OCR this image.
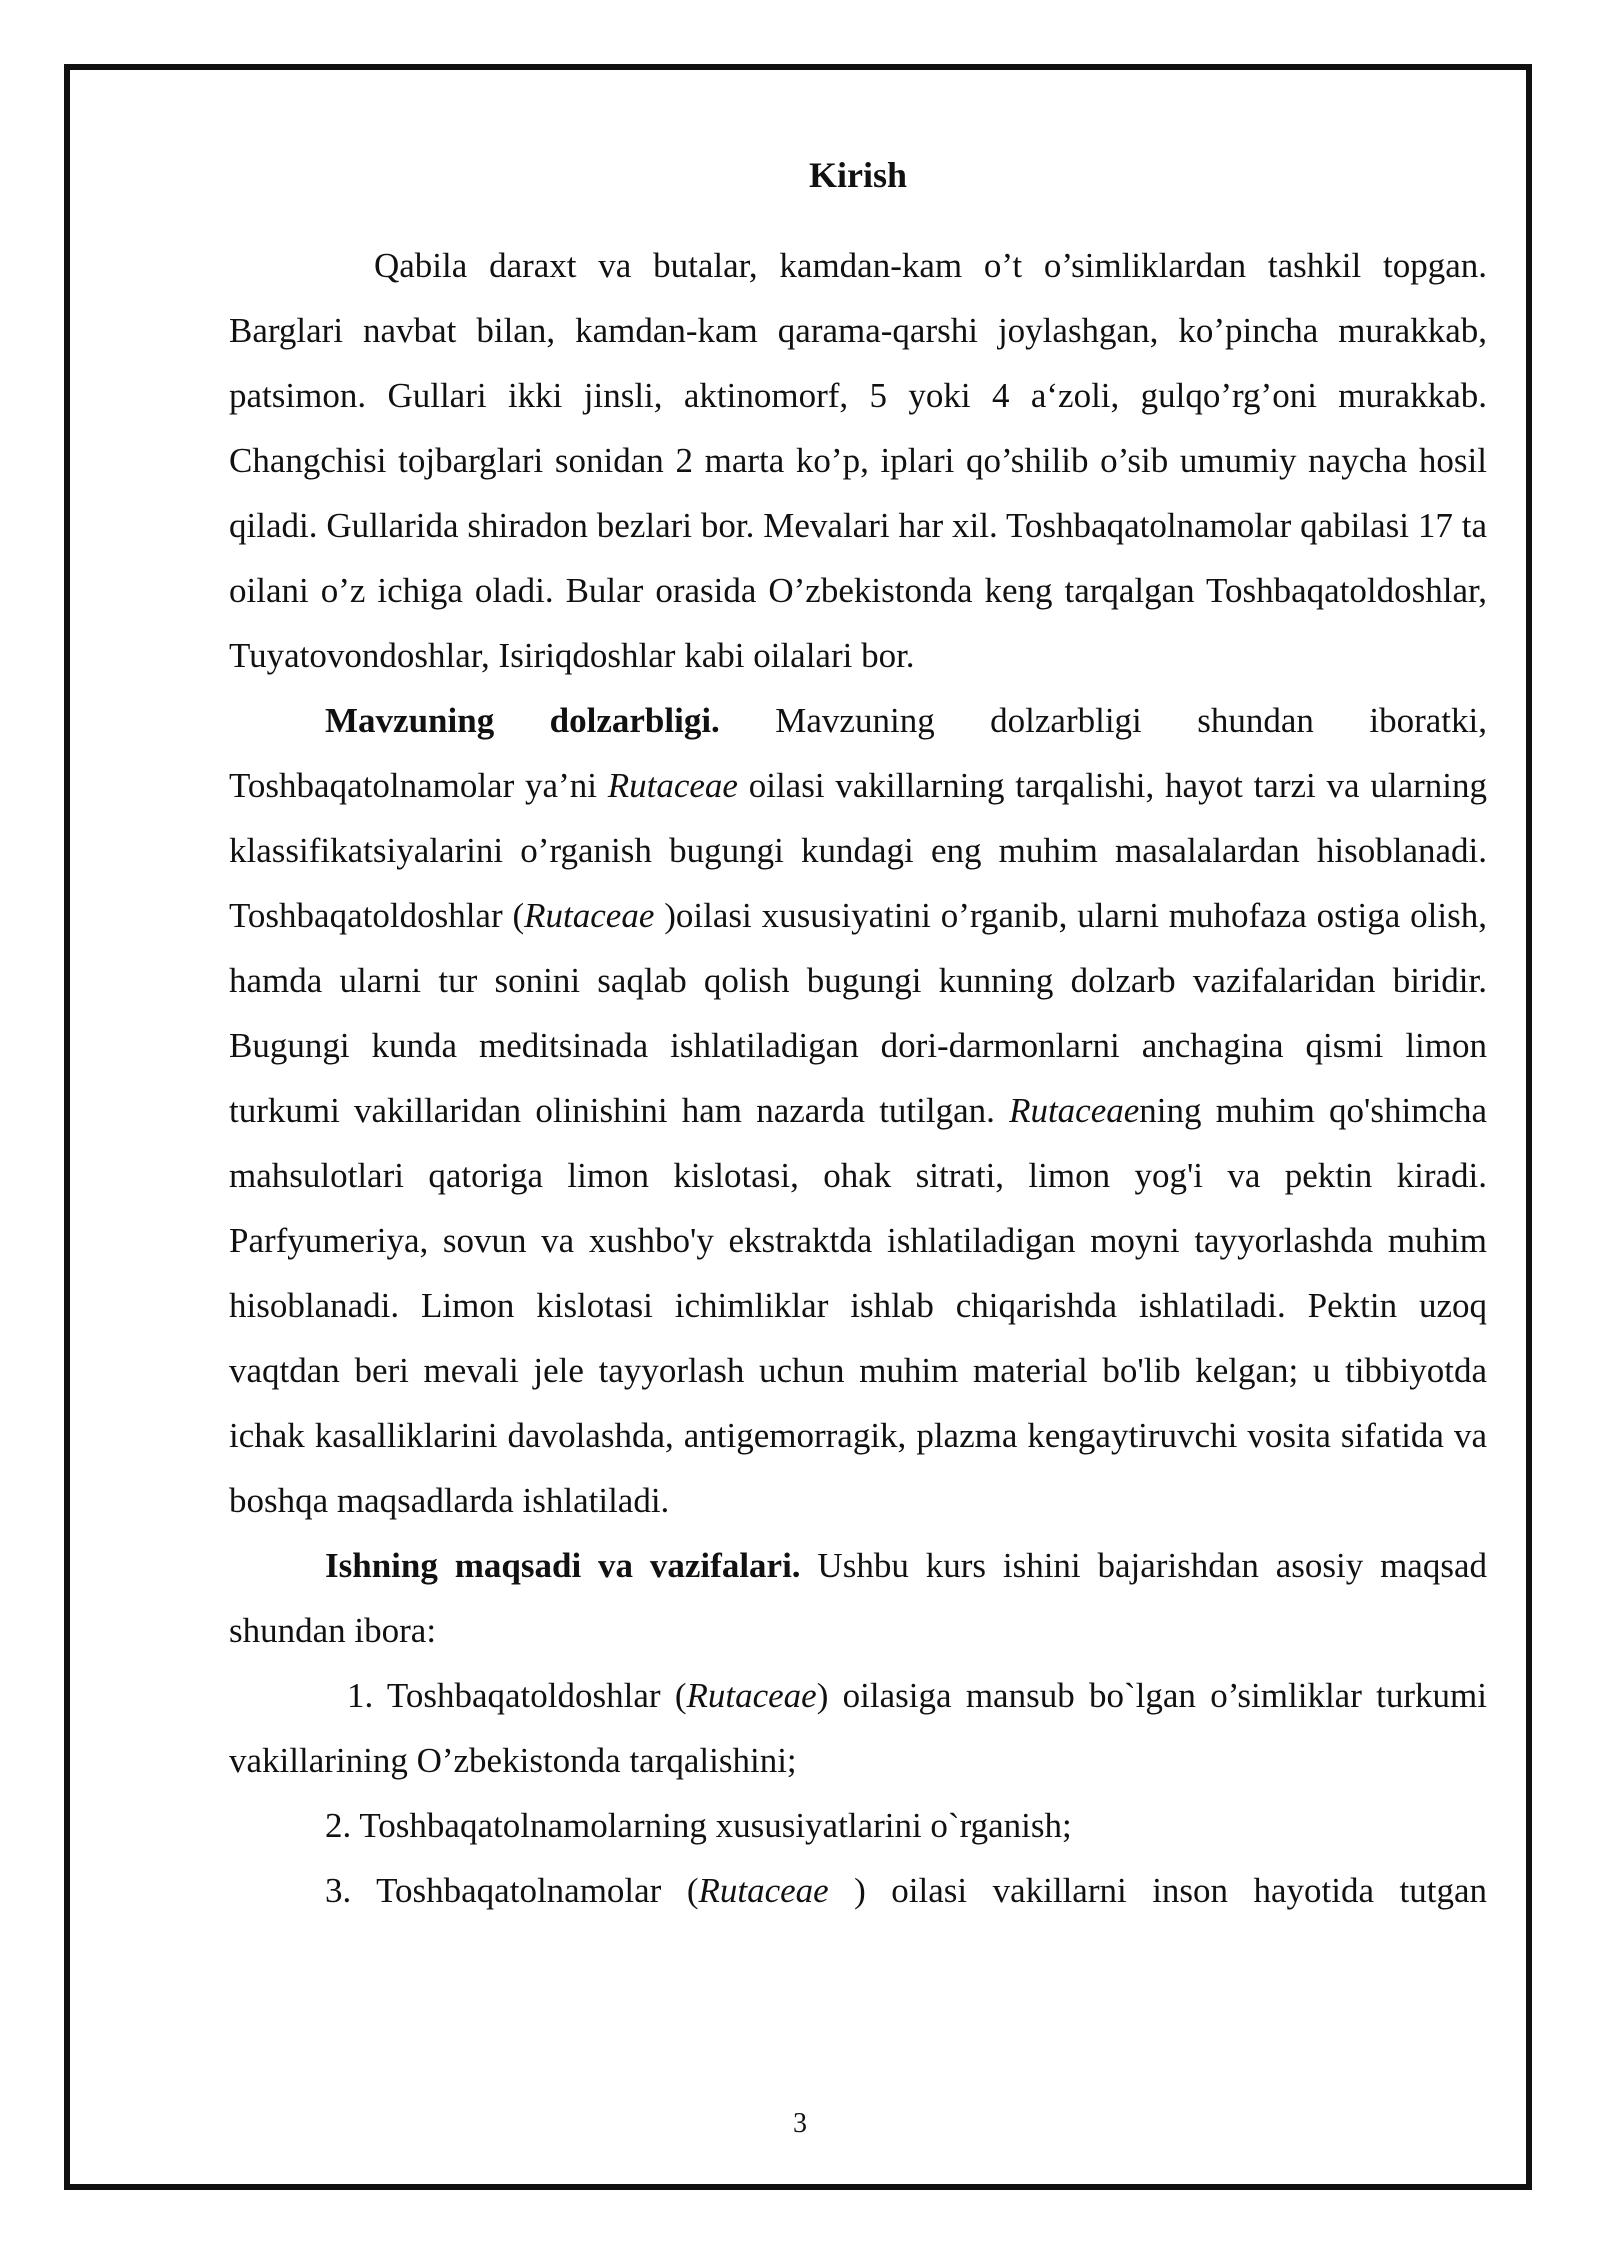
Kirish

Qabila daraxt va butalar, kamdan-kam o’t o’simliklardan tashkil topgan. Barglari navbat bilan, kamdan-kam qarama-qarshi joylashgan, ko’pincha murakkab, patsimon. Gullari ikki jinsli, aktinomorf, 5 yoki 4 a‘zoli, gulqo’rg’oni murakkab. Changchisi tojbarglari sonidan 2 marta ko’p, iplari qo’shilib o’sib umumiy naycha hosil qiladi. Gullarida shiradon bezlari bor. Mevalari har xil. Toshbaqatolnamolar qabilasi 17 ta oilani o’z ichiga oladi. Bular orasida O’zbekistonda keng tarqalgan Toshbaqatoldoshlar, Tuyatovondoshlar, Isiriqdoshlar kabi oilalari bor.

Mavzuning dolzarbligi. Mavzuning dolzarbligi shundan iboratki, Toshbaqatolnamolar ya’ni Rutaceae oilasi vakillarning tarqalishi, hayot tarzi va ularning klassifikatsiyalarini o’rganish bugungi kundagi eng muhim masalalardan hisoblanadi. Toshbaqatoldoshlar (Rutaceae )oilasi xususiyatini o’rganib, ularni muhofaza ostiga olish, hamda ularni tur sonini saqlab qolish bugungi kunning dolzarb vazifalaridan biridir. Bugungi kunda meditsinada ishlatiladigan dori-darmonlarni anchagina qismi limon turkumi vakillaridan olinishini ham nazarda tutilgan. Rutaceaening muhim qo'shimcha mahsulotlari qatoriga limon kislotasi, ohak sitrati, limon yog'i va pektin kiradi. Parfyumeriya, sovun va xushbo'y ekstraktda ishlatiladigan moyni tayyorlashda muhim hisoblanadi. Limon kislotasi ichimliklar ishlab chiqarishda ishlatiladi. Pektin uzoq vaqtdan beri mevali jele tayyorlash uchun muhim material bo'lib kelgan; u tibbiyotda ichak kasalliklarini davolashda, antigemorragik, plazma kengaytiruvchi vosita sifatida va boshqa maqsadlarda ishlatiladi.

Ishning maqsadi va vazifalari. Ushbu kurs ishini bajarishdan asosiy maqsad shundan ibora:

1. Toshbaqatoldoshlar (Rutaceae) oilasiga mansub bo`lgan o’simliklar turkumi vakillarining O’zbekistonda tarqalishini;

2. Toshbaqatolnamolarning xususiyatlarini o`rganish;

3. Toshbaqatolnamolar (Rutaceae ) oilasi vakillarni inson hayotida tutgan

3
